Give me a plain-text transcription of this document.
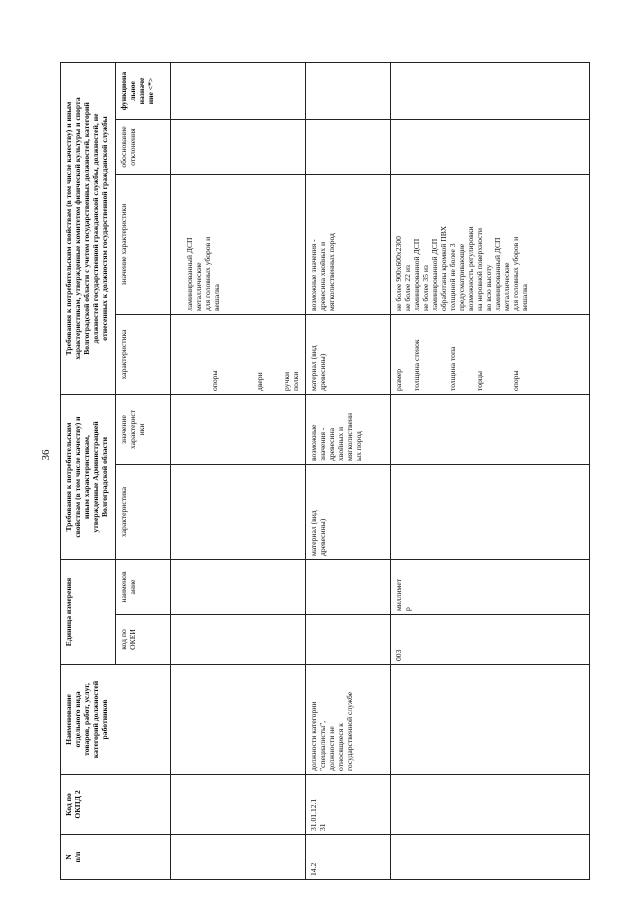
36
N
п/п
Код по
ОКПД 2
Наименование
отдельного вида
товаров, работ, услуг,
категорий должностей
работников
Единица измерения	код по
ОКЕИ
наименов
ание
Требования к потребительским
свойствам (в том числе качеству) и
иным характеристикам,
утвержденные Администрацией
Волгоградской области
характеристика
значение
характерист
ики
Требования к потребительским свойствам (в том числе качеству) и иным
характеристикам, утвержденные комитетом физической культуры и спорта
Волгоградской области с учетом государственных должностей, категорий
должностей государственной гражданской службы, должностей, не
отнесенных к должностям государственной гражданской службы
характеристика
значение характеристики
обоснование
отклонения
функциона
льное
назначе
ние <*>

опоры

двери

ручки
полки
ламинированный ДСП
металлические
для головных уборов и
вешалка
14.2
31.01.12.1
31
должности категории
"специалисты",
должности не
относящиеся к
государственной службе
материал (вид
древесины)
возможные
значения -
древесина
хвойных и
мягколиственн
ых пород
материал (вид
древесины)
возможные значения -
древесина хвойных и
мягколиственных пород
003
миллимет
р
размер

толщина стенок

толщина топа

торцы

опоры
не более 900х600х2300
не более 22 из
ламинированной ДСП
не более 35 из
ламинированной ДСП
обработаны кромкой ПВХ
толщиной не более 3
предусматривающие
возможность регулировки
на неровной поверхности
во всю высоту
ламинированный ДСП
металлические
для головных уборов и
вешалка
